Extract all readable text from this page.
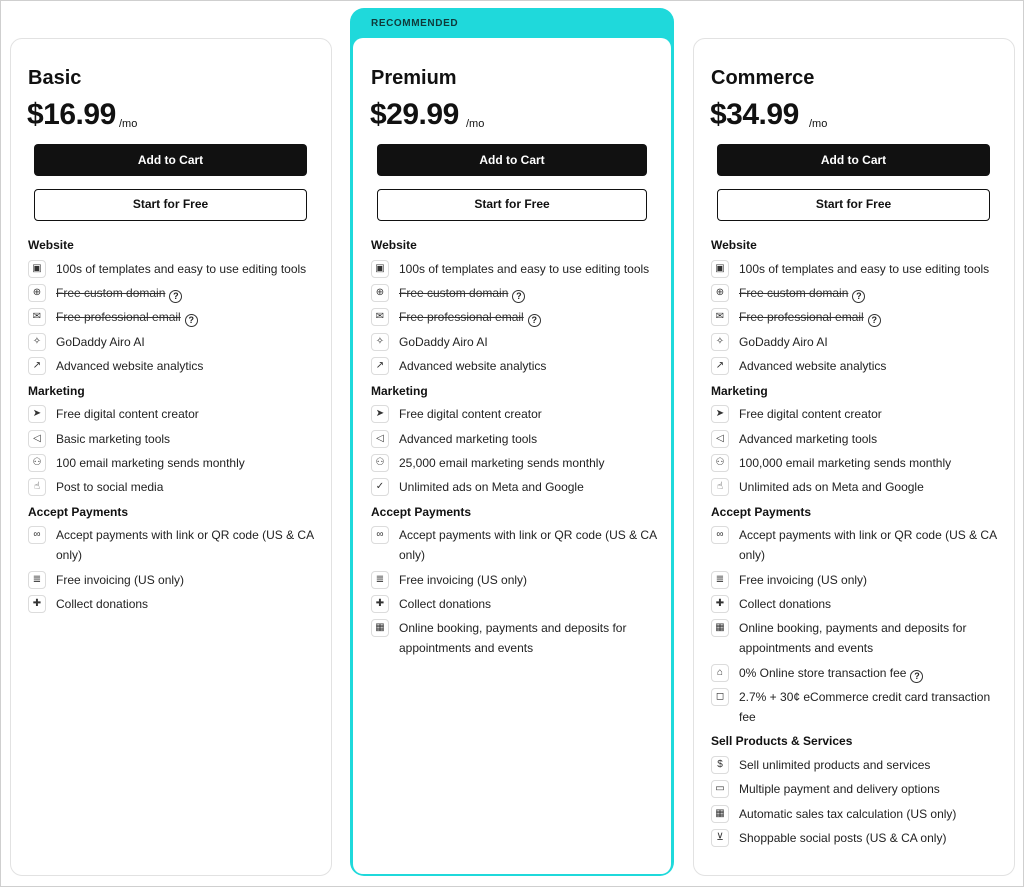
Basic
$16.99 /mo
Add to Cart
Start for Free
Website
▣	100s of templates and easy to use editing tools
⊕	Free custom domain ?
✉	Free professional email ?
✧	GoDaddy Airo AI
↗	Advanced website analytics
Marketing
➤	Free digital content creator
◁	Basic marketing tools
⚇	100 email marketing sends monthly
☝	Post to social media
Accept Payments
∞	Accept payments with link or QR code (US & CA only)
≣	Free invoicing (US only)
✚	Collect donations
RECOMMENDED
Premium
$29.99 /mo
Add to Cart
Start for Free
Website
▣	100s of templates and easy to use editing tools
⊕	Free custom domain ?
✉	Free professional email ?
✧	GoDaddy Airo AI
↗	Advanced website analytics
Marketing
➤	Free digital content creator
◁	Advanced marketing tools
⚇	25,000 email marketing sends monthly
✓	Unlimited ads on Meta and Google
Accept Payments
∞	Accept payments with link or QR code (US & CA only)
≣	Free invoicing (US only)
✚	Collect donations
▦	Online booking, payments and deposits for appointments and events
Commerce
$34.99 /mo
Add to Cart
Start for Free
Website
▣	100s of templates and easy to use editing tools
⊕	Free custom domain ?
✉	Free professional email ?
✧	GoDaddy Airo AI
↗	Advanced website analytics
Marketing
➤	Free digital content creator
◁	Advanced marketing tools
⚇	100,000 email marketing sends monthly
☝	Unlimited ads on Meta and Google
Accept Payments
∞	Accept payments with link or QR code (US & CA only)
≣	Free invoicing (US only)
✚	Collect donations
▦	Online booking, payments and deposits for appointments and events
⌂	0% Online store transaction fee ?
◻	2.7% + 30¢ eCommerce credit card transaction fee
Sell Products & Services
$	Sell unlimited products and services
▭	Multiple payment and delivery options
▦	Automatic sales tax calculation (US only)
⊻	Shoppable social posts (US & CA only)
